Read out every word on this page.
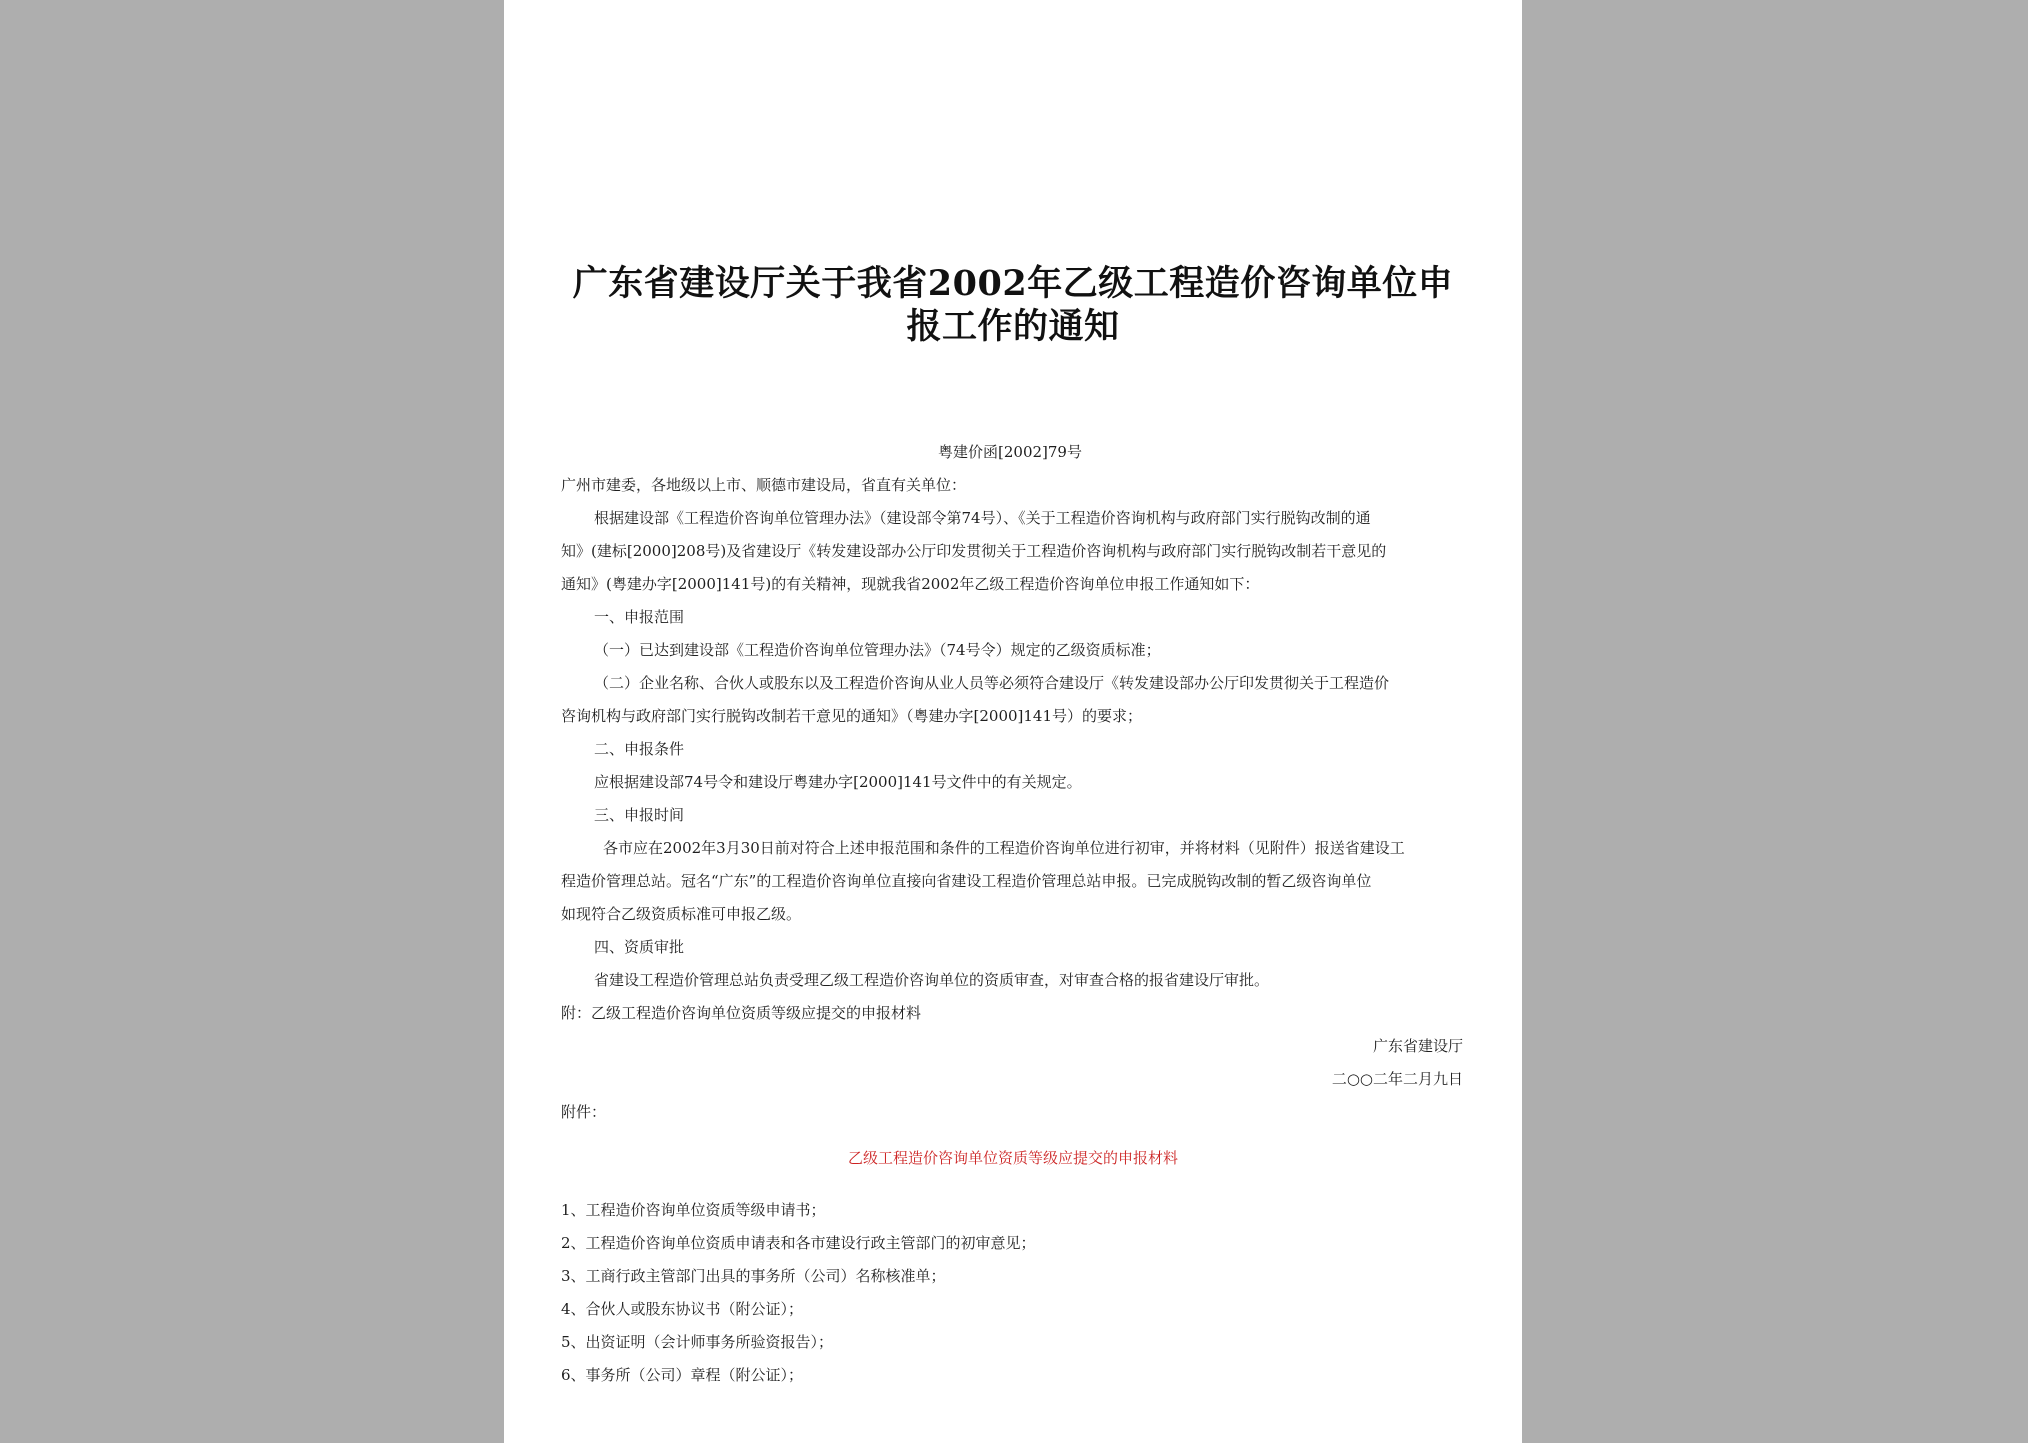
广东省建设厅关于我省2002年乙级工程造价咨询单位申
报工作的通知
粤建价函[2002]79号
广州市建委，各地级以上市、顺德市建设局，省直有关单位：
根据建设部《工程造价咨询单位管理办法》（建设部令第74号）、《关于工程造价咨询机构与政府部门实行脱钩改制的通
知》(建标[2000]208号)及省建设厅《转发建设部办公厅印发贯彻关于工程造价咨询机构与政府部门实行脱钩改制若干意见的
通知》(粤建办字[2000]141号)的有关精神，现就我省2002年乙级工程造价咨询单位申报工作通知如下：
一、申报范围
（一）已达到建设部《工程造价咨询单位管理办法》（74号令）规定的乙级资质标准；
（二）企业名称、合伙人或股东以及工程造价咨询从业人员等必须符合建设厅《转发建设部办公厅印发贯彻关于工程造价
咨询机构与政府部门实行脱钩改制若干意见的通知》（粤建办字[2000]141号）的要求；
二、申报条件
应根据建设部74号令和建设厅粤建办字[2000]141号文件中的有关规定。
三、申报时间
各市应在2002年3月30日前对符合上述申报范围和条件的工程造价咨询单位进行初审，并将材料（见附件）报送省建设工
程造价管理总站。冠名“广东”的工程造价咨询单位直接向省建设工程造价管理总站申报。已完成脱钩改制的暂乙级咨询单位
如现符合乙级资质标准可申报乙级。
四、资质审批
省建设工程造价管理总站负责受理乙级工程造价咨询单位的资质审查，对审查合格的报省建设厅审批。
附：乙级工程造价咨询单位资质等级应提交的申报材料
广东省建设厅
二○○二年二月九日
附件：
乙级工程造价咨询单位资质等级应提交的申报材料
1、工程造价咨询单位资质等级申请书；
2、工程造价咨询单位资质申请表和各市建设行政主管部门的初审意见；
3、工商行政主管部门出具的事务所（公司）名称核准单；
4、合伙人或股东协议书（附公证）；
5、出资证明（会计师事务所验资报告）；
6、事务所（公司）章程（附公证）；
